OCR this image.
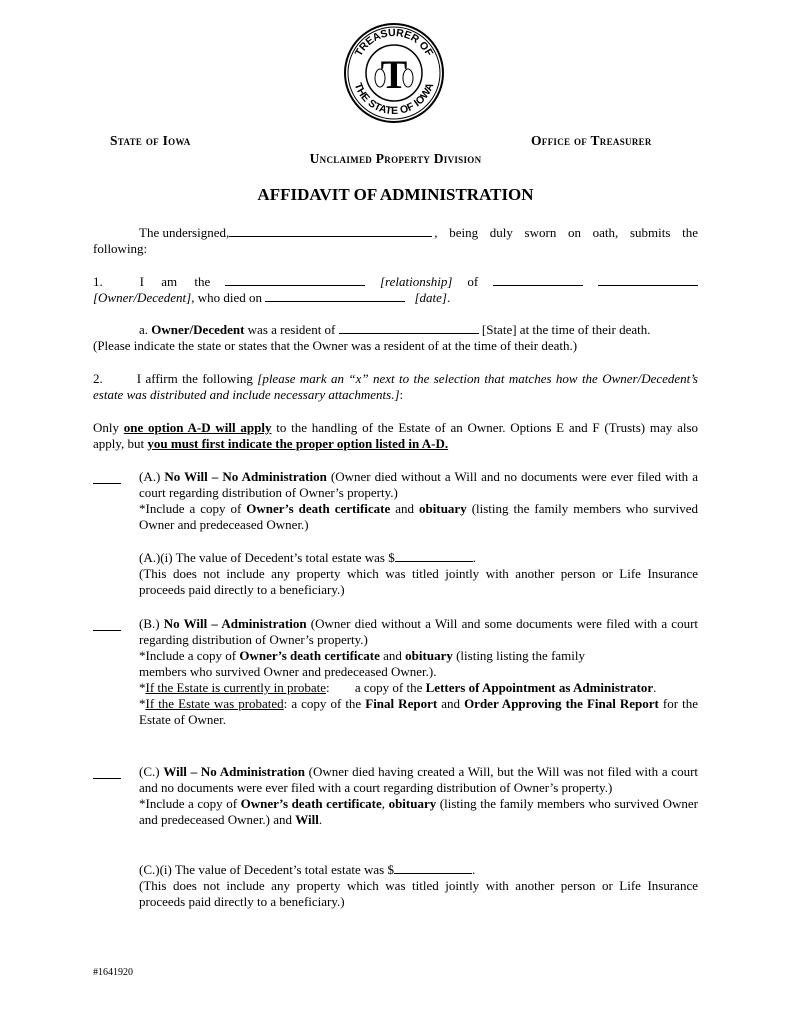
TREASURER OF
THE STATE OF IOWA
T
State of Iowa	Office of Treasurer
Unclaimed Property Division
AFFIDAVIT OF ADMINISTRATION
The undersigned,	, being duly sworn on oath, submits the
following:
1.	I am the	[relationship] of
[Owner/Decedent], who died on	[date].
a. Owner/Decedent was a resident of	[State] at the time of their death.
(Please indicate the state or states that the Owner was a resident of at the time of their death.)
2.	I affirm the following [please mark an “x” next to the selection that matches how the Owner/Decedent’s estate was distributed and include necessary attachments.]:
Only one option A-D will apply to the handling of the Estate of an Owner. Options E and F (Trusts) may also apply, but you must first indicate the proper option listed in A-D.
(A.) No Will – No Administration (Owner died without a Will and no documents were ever filed with a court regarding distribution of Owner’s property.)
*Include a copy of Owner’s death certificate and obituary (listing the family members who survived Owner and predeceased Owner.)
(A.)(i) The value of Decedent’s total estate was $	.
(This does not include any property which was titled jointly with another person or Life Insurance proceeds paid directly to a beneficiary.)
(B.) No Will – Administration (Owner died without a Will and some documents were filed with a court regarding distribution of Owner’s property.)
*Include a copy of Owner’s death certificate and obituary (listing listing the family
members who survived Owner and predeceased Owner.).
*If the Estate is currently in probate: a copy of the Letters of Appointment as Administrator.
*If the Estate was probated: a copy of the Final Report and Order Approving the Final Report for the Estate of Owner.
(C.) Will – No Administration (Owner died having created a Will, but the Will was not filed with a court and no documents were ever filed with a court regarding distribution of Owner’s property.)
*Include a copy of Owner’s death certificate, obituary (listing the family members who survived Owner and predeceased Owner.) and Will.
(C.)(i) The value of Decedent’s total estate was $	.
(This does not include any property which was titled jointly with another person or Life Insurance proceeds paid directly to a beneficiary.)
#1641920
